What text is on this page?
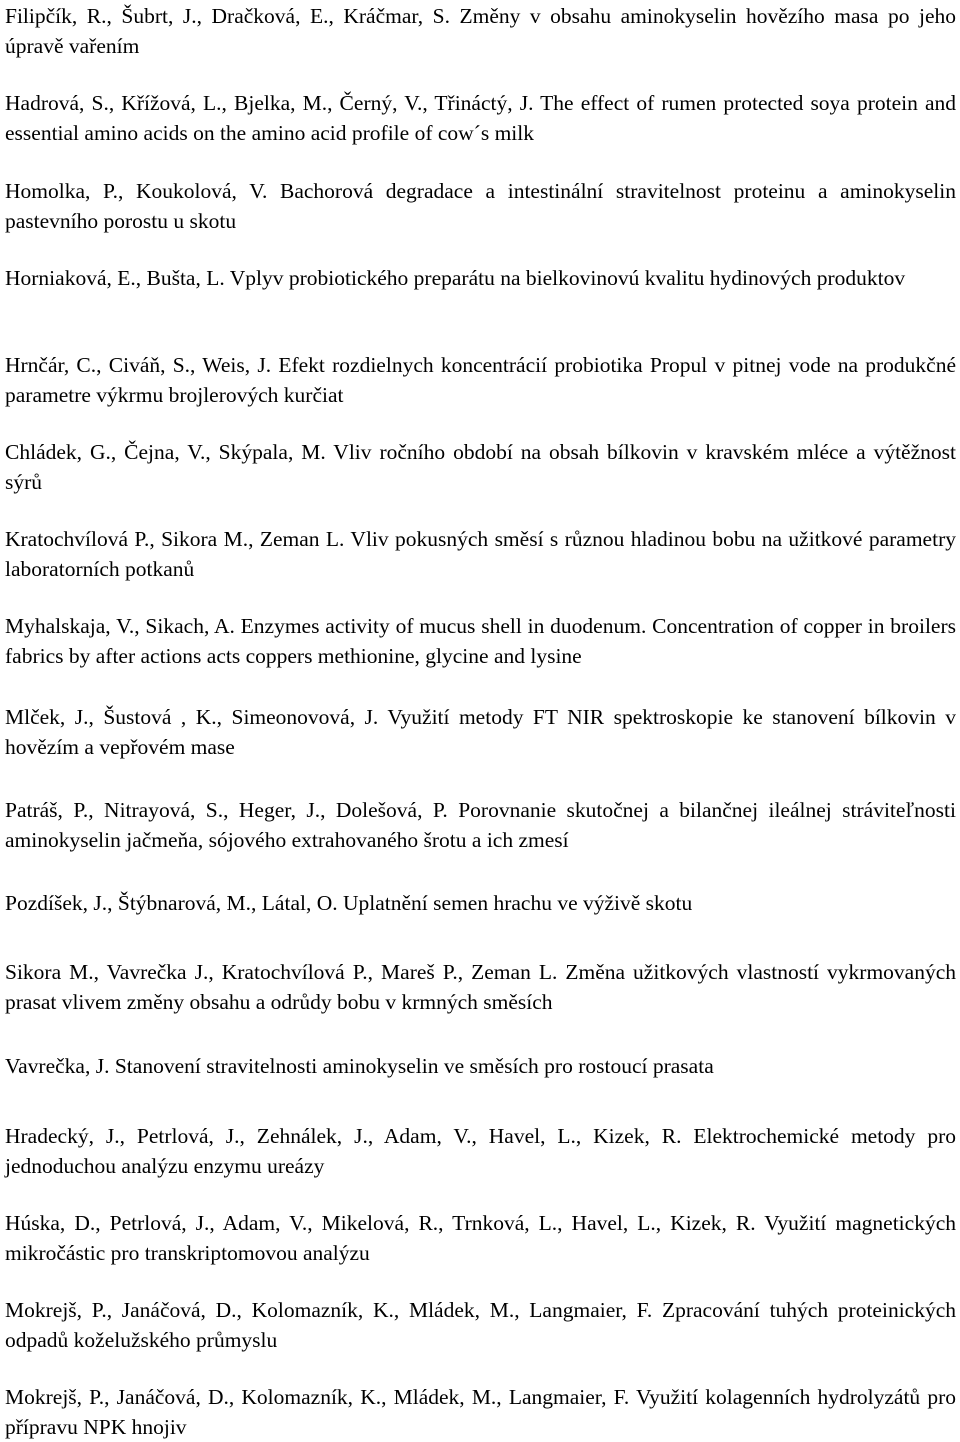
Filipčík, R., Šubrt, J., Dračková, E., Kráčmar, S. Změny v obsahu aminokyselin hovězího masa po jeho úpravě vařením

Hadrová, S., Křížová, L., Bjelka, M., Černý, V., Třináctý, J. The effect of rumen protected soya protein and essential amino acids on the amino acid profile of cow´s milk

Homolka, P., Koukolová, V. Bachorová degradace a intestinální stravitelnost proteinu a aminokyselin pastevního porostu u skotu

Horniaková, E., Bušta, L. Vplyv probiotického preparátu na bielkovinovú kvalitu hydinových produktov

Hrnčár, C., Civáň, S., Weis, J. Efekt rozdielnych koncentrácií probiotika Propul v pitnej vode na produkčné parametre výkrmu brojlerových kurčiat

Chládek, G., Čejna, V., Skýpala, M. Vliv ročního období na obsah bílkovin v kravském mléce a výtěžnost sýrů

Kratochvílová P., Sikora M., Zeman L. Vliv pokusných směsí s různou hladinou bobu na užitkové parametry laboratorních potkanů

Myhalskaja, V., Sikach, A. Enzymes activity of mucus shell in duodenum. Concentration of copper in broilers fabrics by after actions acts coppers methionine, glycine and lysine

Mlček, J., Šustová , K., Simeonovová, J. Využití metody FT NIR spektroskopie ke stanovení bílkovin v hovězím a vepřovém mase

Patráš, P., Nitrayová, S., Heger, J., Dolešová, P. Porovnanie skutočnej a bilančnej ileálnej stráviteľnosti aminokyselin jačmeňa, sójového extrahovaného šrotu a ich zmesí

Pozdíšek, J., Štýbnarová, M., Látal, O. Uplatnění semen hrachu ve výživě skotu

Sikora M., Vavrečka J., Kratochvílová P., Mareš P., Zeman L. Změna užitkových vlastností vykrmovaných prasat vlivem změny obsahu a odrůdy bobu v krmných směsích

Vavrečka, J. Stanovení stravitelnosti aminokyselin ve směsích pro rostoucí prasata

Hradecký, J., Petrlová, J., Zehnálek, J., Adam, V., Havel, L., Kizek, R. Elektrochemické metody pro jednoduchou analýzu enzymu ureázy

Húska, D., Petrlová, J., Adam, V., Mikelová, R., Trnková, L., Havel, L., Kizek, R. Využití magnetických mikročástic pro transkriptomovou analýzu

Mokrejš, P., Janáčová, D., Kolomazník, K., Mládek, M., Langmaier, F. Zpracování tuhých proteinických odpadů koželužského průmyslu

Mokrejš, P., Janáčová, D., Kolomazník, K., Mládek, M., Langmaier, F. Využití kolagenních hydrolyzátů pro přípravu NPK hnojiv
